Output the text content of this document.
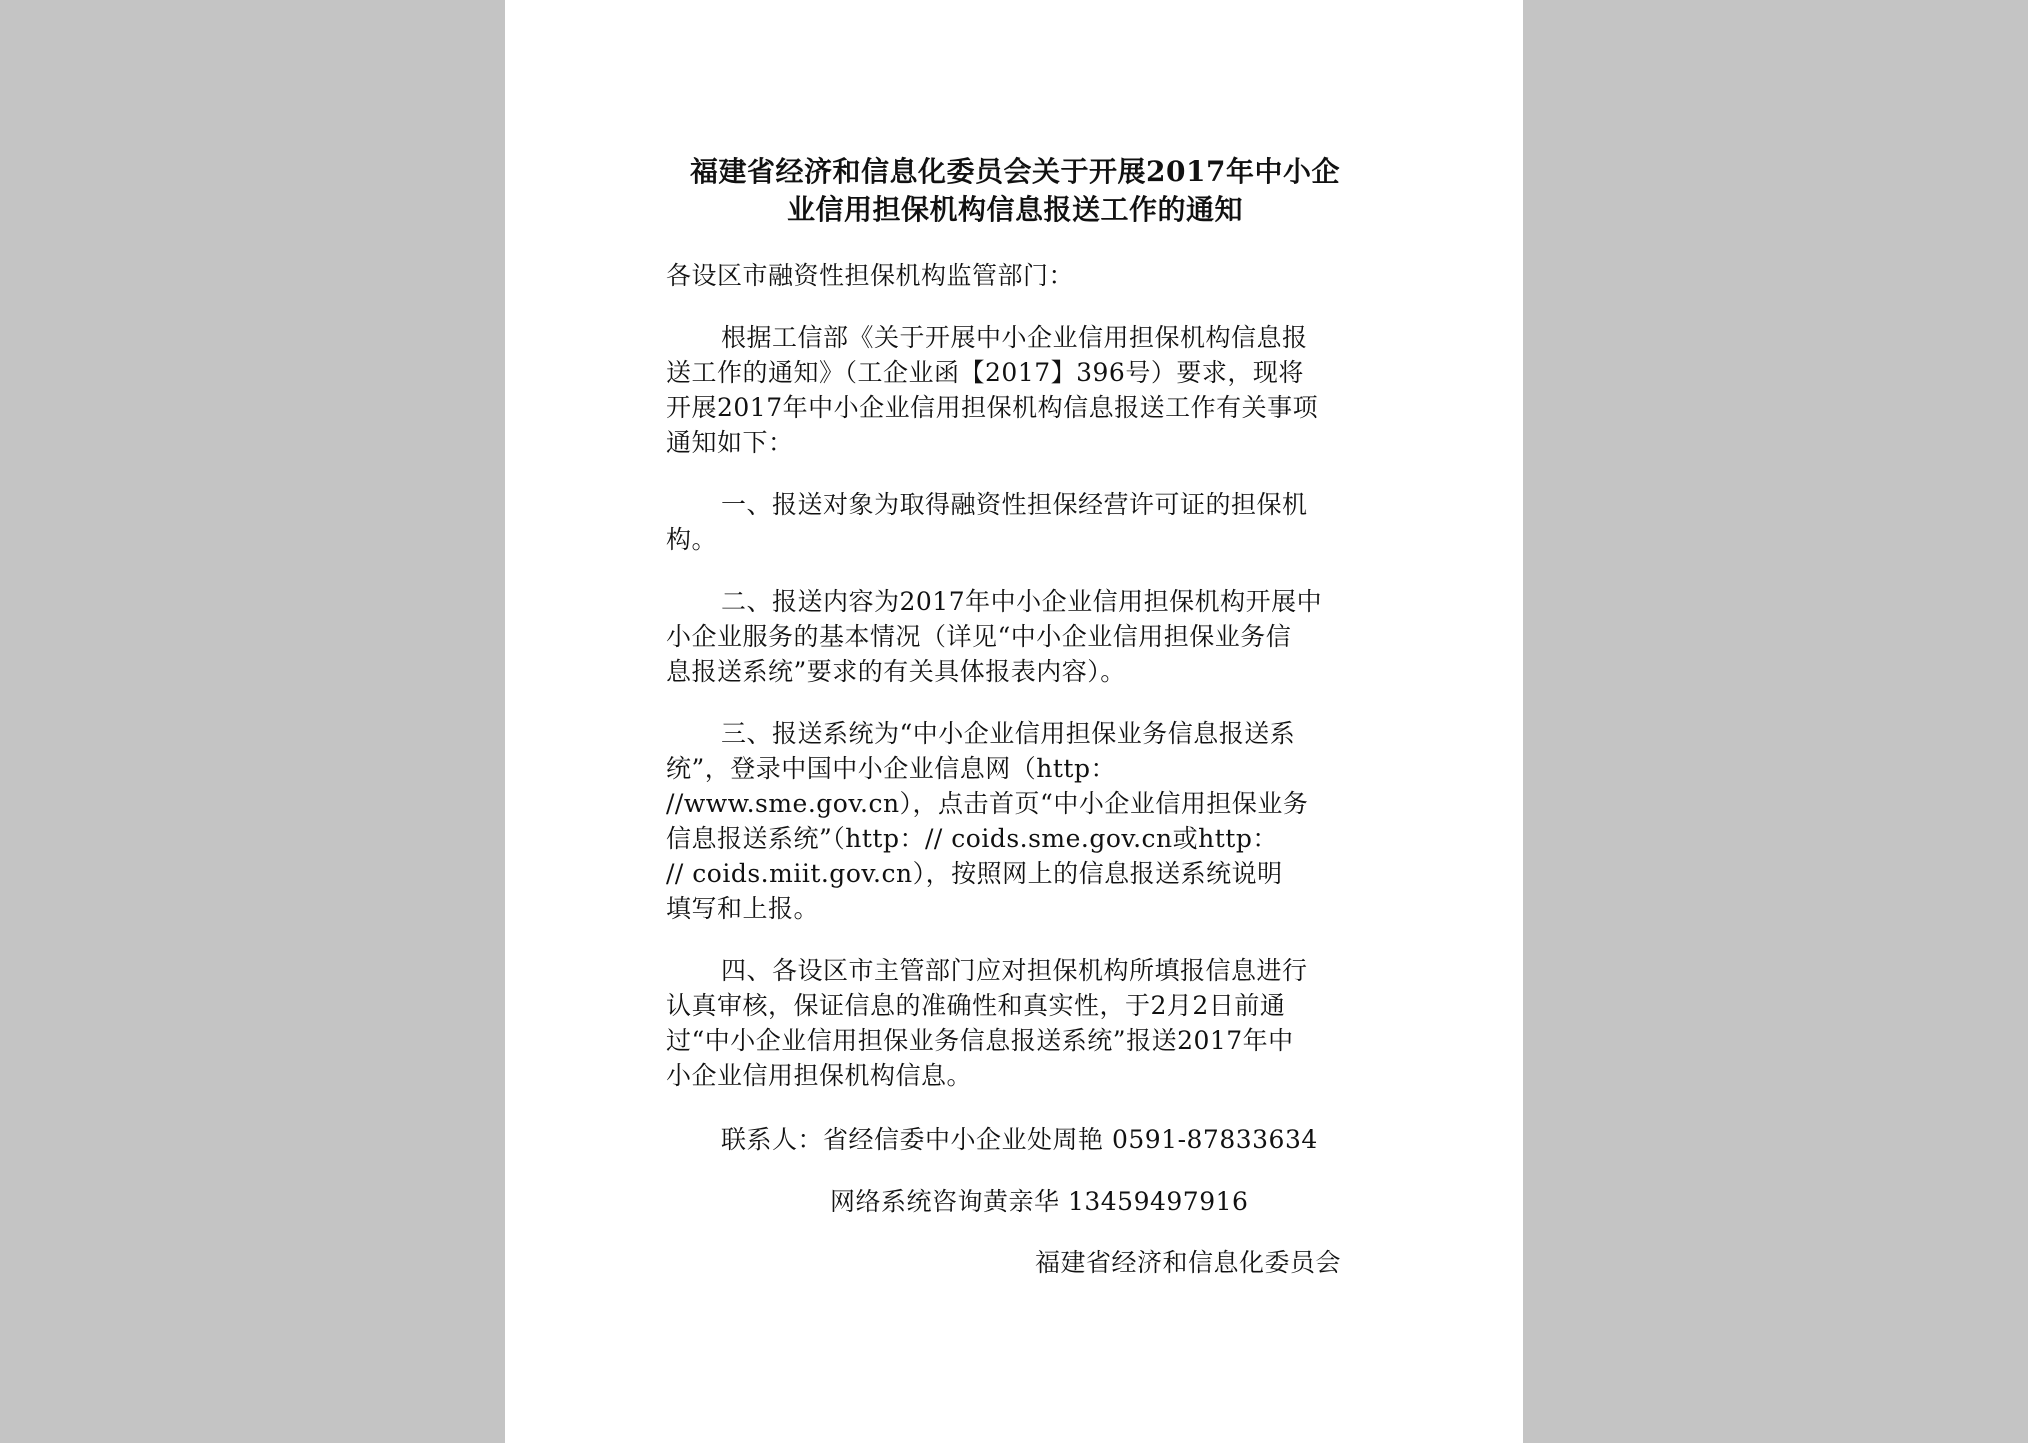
福建省经济和信息化委员会关于开展2017年中小企
业信用担保机构信息报送工作的通知
各设区市融资性担保机构监管部门：
根据工信部《关于开展中小企业信用担保机构信息报
送工作的通知》（工企业函【2017】396号）要求，现将
开展2017年中小企业信用担保机构信息报送工作有关事项
通知如下：
一、报送对象为取得融资性担保经营许可证的担保机
构。
二、报送内容为2017年中小企业信用担保机构开展中
小企业服务的基本情况（详见“中小企业信用担保业务信
息报送系统”要求的有关具体报表内容）。
三、报送系统为“中小企业信用担保业务信息报送系
统”，登录中国中小企业信息网（http：
//www.sme.gov.cn），点击首页“中小企业信用担保业务
信息报送系统”（http：// coids.sme.gov.cn或http：
// coids.miit.gov.cn），按照网上的信息报送系统说明
填写和上报。
四、各设区市主管部门应对担保机构所填报信息进行
认真审核，保证信息的准确性和真实性，于2月2日前通
过“中小企业信用担保业务信息报送系统”报送2017年中
小企业信用担保机构信息。
联系人：省经信委中小企业处周艳 0591-87833634
网络系统咨询黄亲华 13459497916
福建省经济和信息化委员会
